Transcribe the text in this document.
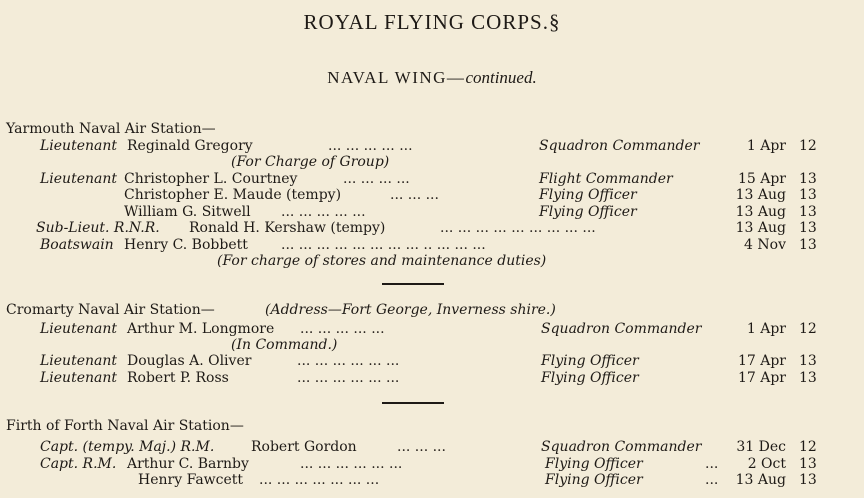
ROYAL FLYING CORPS.§
NAVAL WING—continued.
Yarmouth Naval Air Station—
Lieutenant Reginald Gregory	... ... ... ... ...	Squadron Commander	1 Apr 12
(For Charge of Group)
Lieutenant Christopher L. Courtney	... ... ... ...	Flight Commander	15 Apr 13
Christopher E. Maude (tempy)	... ... ...	Flying Officer	13 Aug 13
William G. Sitwell ... ... ... ... ...	Flying Officer	13 Aug 13
Sub-Lieut. R.N.R. Ronald H. Kershaw (tempy)	... ... ... ... ... ... ... ... ...	13 Aug 13
Boatswain Henry C. Bobbett ... ... ... ... ... ... ... ... .. ... ... ...	4 Nov 13
(For charge of stores and maintenance duties)
Cromarty Naval Air Station—	(Address—Fort George, Inverness shire.)
Lieutenant Arthur M. Longmore ... ... ... ... ...	Squadron Commander	1 Apr 12
(In Command.)
Lieutenant Douglas A. Oliver	... ... ... ... ... ...	Flying Officer	17 Apr 13
Lieutenant Robert P. Ross	... ... ... ... ... ...	Flying Officer	17 Apr 13
Firth of Forth Naval Air Station—
Capt. (tempy. Maj.) R.M.	Robert Gordon	... ... ...	Squadron Commander	31 Dec 12
Capt. R.M. Arthur C. Barnby	... ... ... ... ... ...	Flying Officer	...	2 Oct 13
Henry Fawcett ... ... ... ... ... ... ...	Flying Officer	...	13 Aug 13
